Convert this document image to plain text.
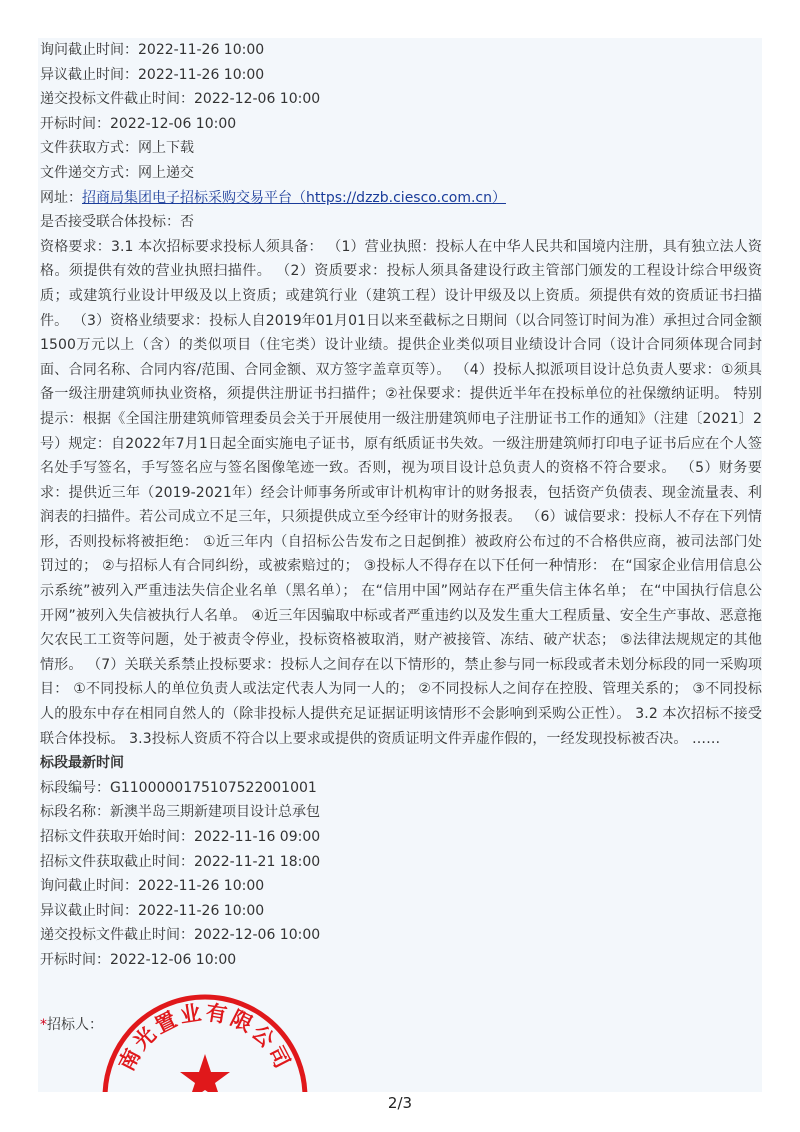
询问截止时间：2022-11-26 10:00
异议截止时间：2022-11-26 10:00
递交投标文件截止时间：2022-12-06 10:00
开标时间：2022-12-06 10:00
文件获取方式：网上下载
文件递交方式：网上递交
网址：招商局集团电子招标采购交易平台（https://dzzb.ciesco.com.cn）
是否接受联合体投标：否
资格要求：3.1 本次招标要求投标人须具备： （1）营业执照：投标人在中华人民共和国境内注册，具有独立法人资格。须提供有效的营业执照扫描件。 （2）资质要求：投标人须具备建设行政主管部门颁发的工程设计综合甲级资质；或建筑行业设计甲级及以上资质；或建筑行业（建筑工程）设计甲级及以上资质。须提供有效的资质证书扫描件。 （3）资格业绩要求：投标人自2019年01月01日以来至截标之日期间（以合同签订时间为准）承担过合同金额1500万元以上（含）的类似项目（住宅类）设计业绩。提供企业类似项目业绩设计合同（设计合同须体现合同封面、合同名称、合同内容/范围、合同金额、双方签字盖章页等）。 （4）投标人拟派项目设计总负责人要求：①须具备一级注册建筑师执业资格，须提供注册证书扫描件；②社保要求：提供近半年在投标单位的社保缴纳证明。 特别提示：根据《全国注册建筑师管理委员会关于开展使用一级注册建筑师电子注册证书工作的通知》（注建〔2021〕2 号）规定：自2022年7月1日起全面实施电子证书，原有纸质证书失效。一级注册建筑师打印电子证书后应在个人签名处手写签名，手写签名应与签名图像笔迹一致。否则，视为项目设计总负责人的资格不符合要求。 （5）财务要求：提供近三年（2019-2021年）经会计师事务所或审计机构审计的财务报表，包括资产负债表、现金流量表、利润表的扫描件。若公司成立不足三年，只须提供成立至今经审计的财务报表。 （6）诚信要求：投标人不存在下列情形，否则投标将被拒绝： ①近三年内（自招标公告发布之日起倒推）被政府公布过的不合格供应商，被司法部门处罚过的； ②与招标人有合同纠纷，或被索赔过的； ③投标人不得存在以下任何一种情形： 在“国家企业信用信息公示系统”被列入严重违法失信企业名单（黑名单）； 在“信用中国”网站存在严重失信主体名单； 在“中国执行信息公开网”被列入失信被执行人名单。 ④近三年因骗取中标或者严重违约以及发生重大工程质量、安全生产事故、恶意拖欠农民工工资等问题，处于被责令停业，投标资格被取消，财产被接管、冻结、破产状态； ⑤法律法规规定的其他情形。 （7）关联关系禁止投标要求：投标人之间存在以下情形的，禁止参与同一标段或者未划分标段的同一采购项目： ①不同投标人的单位负责人或法定代表人为同一人的； ②不同投标人之间存在控股、管理关系的； ③不同投标人的股东中存在相同自然人的（除非投标人提供充足证据证明该情形不会影响到采购公正性）。 3.2 本次招标不接受联合体投标。 3.3投标人资质不符合以上要求或提供的资质证明文件弄虚作假的，一经发现投标被否决。 ……
标段最新时间
标段编号：G1100000175107522001001
标段名称：新澳半岛三期新建项目设计总承包
招标文件获取开始时间：2022-11-16 09:00
招标文件获取截止时间：2022-11-21 18:00
询问截止时间：2022-11-26 10:00
异议截止时间：2022-11-26 10:00
递交投标文件截止时间：2022-12-06 10:00
开标时间：2022-12-06 10:00
*招标人：
南光置业有限公司
2/3
